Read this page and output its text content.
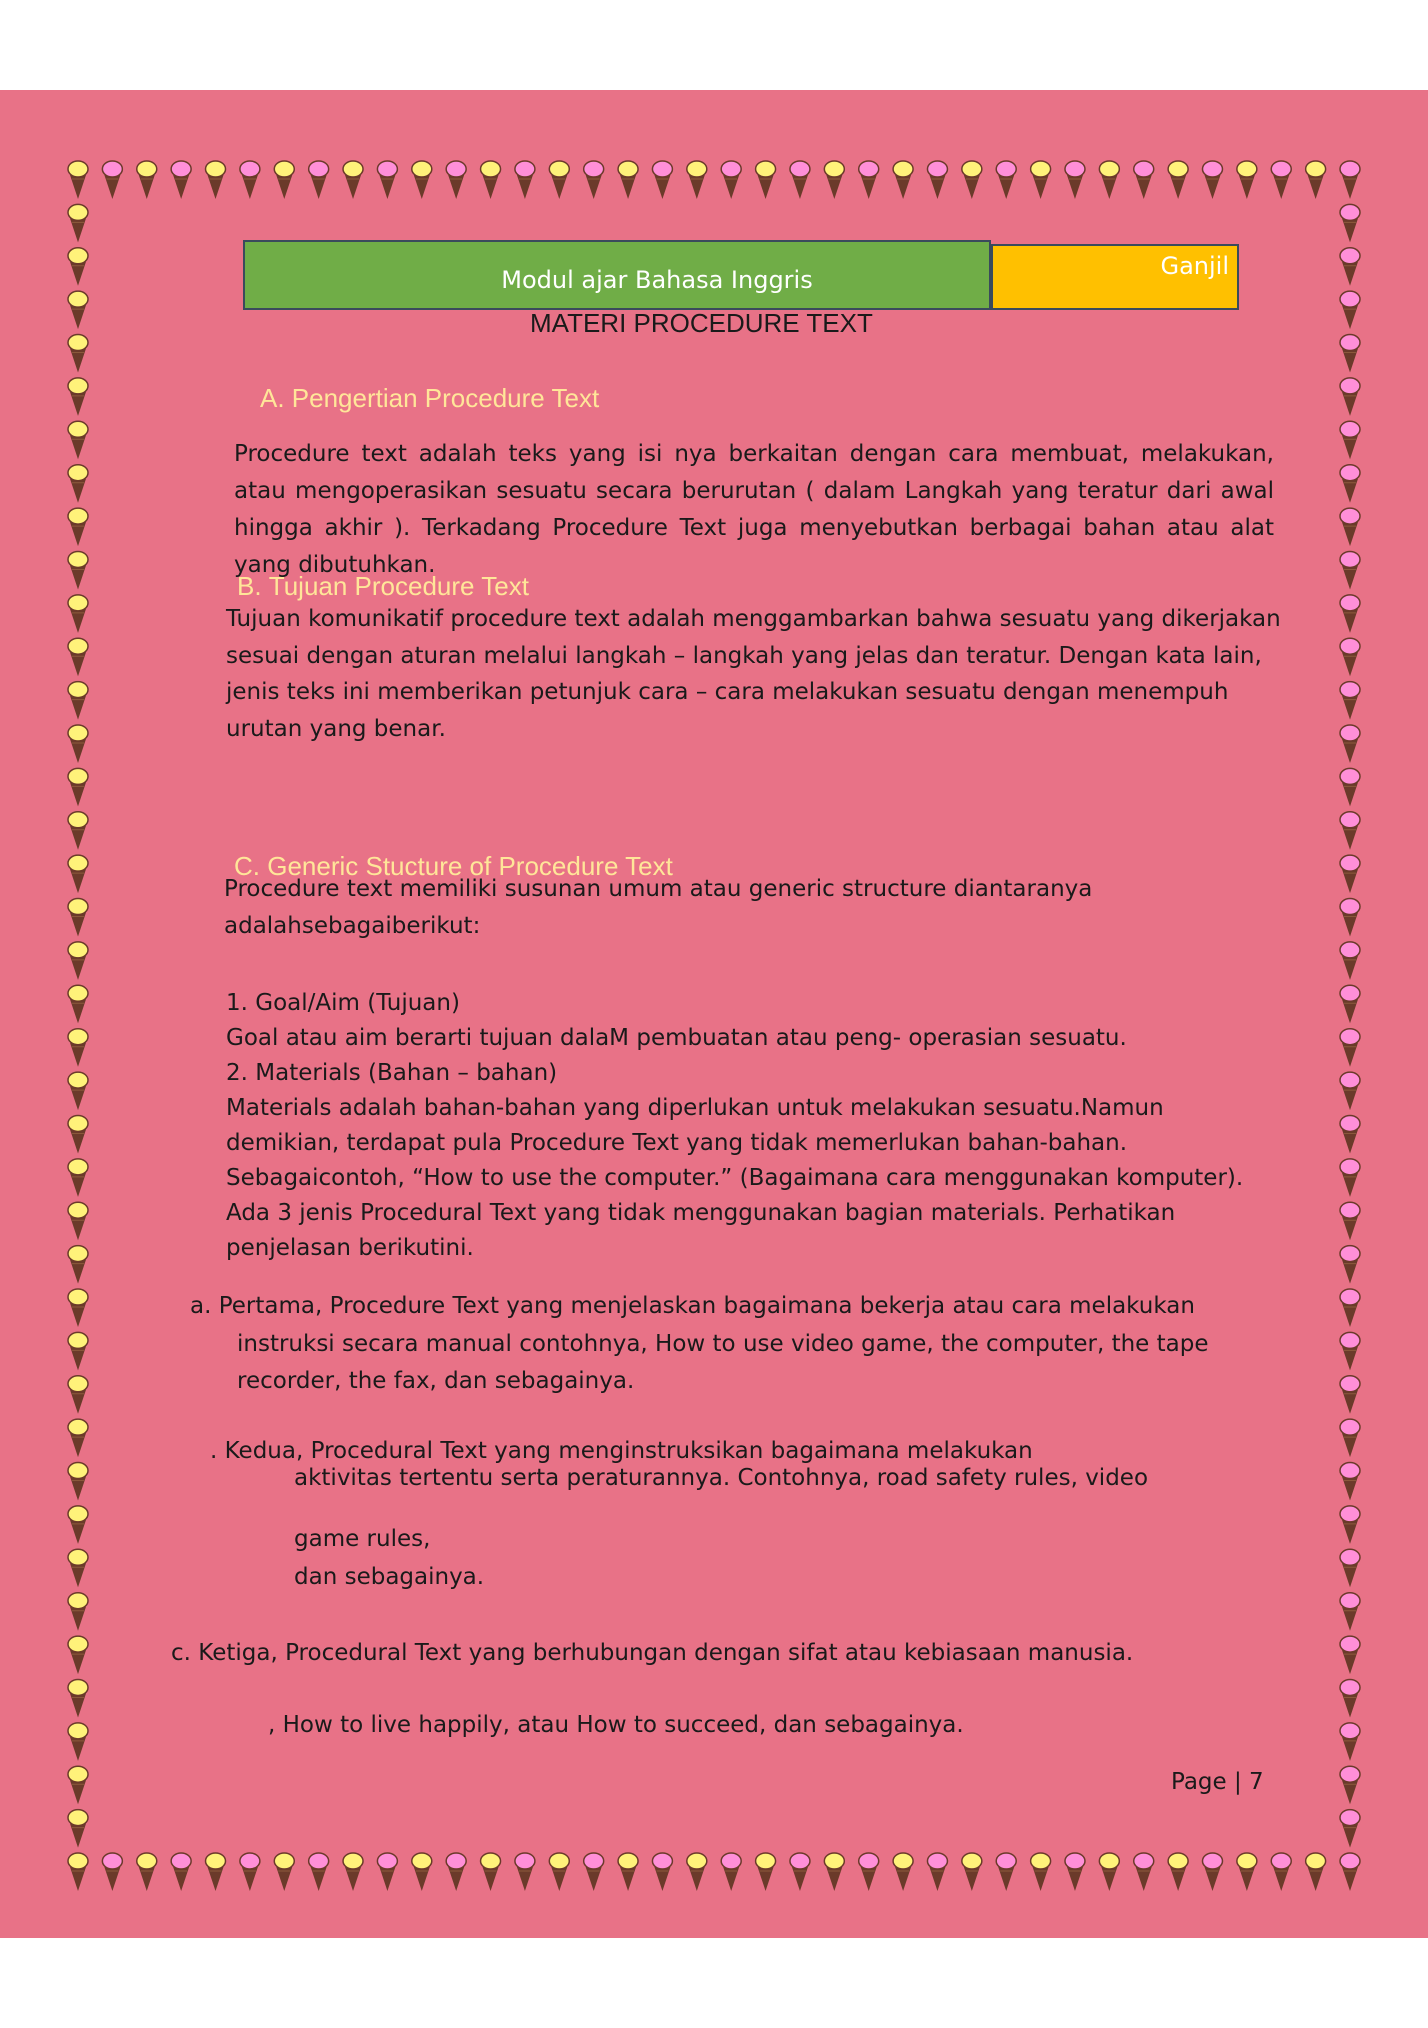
Modul ajar Bahasa Inggris	Ganjil
MATERI PROCEDURE TEXT
A. Pengertian Procedure Text

Procedure text adalah teks yang isi nya berkaitan dengan cara membuat, melakukan, atau mengoperasikan sesuatu secara berurutan ( dalam Langkah yang teratur dari awal hingga akhir ). Terkadang Procedure Text juga menyebutkan berbagai bahan atau alat yang dibutuhkan.

B. Tujuan Procedure Text
Tujuan komunikatif procedure text adalah menggambarkan bahwa sesuatu yang dikerjakan
sesuai dengan aturan melalui langkah – langkah yang jelas dan teratur. Dengan kata lain,
jenis teks ini memberikan petunjuk cara – cara melakukan sesuatu dengan menempuh
urutan yang benar.
C. Generic Stucture of Procedure Text
Procedure text memiliki susunan umum atau generic structure diantaranya
adalahsebagaiberikut:
1. Goal/Aim (Tujuan)
Goal atau aim berarti tujuan dalaM pembuatan atau peng- operasian sesuatu.
2. Materials (Bahan – bahan)
Materials adalah bahan-bahan yang diperlukan untuk melakukan sesuatu.Namun
demikian, terdapat pula Procedure Text yang tidak memerlukan bahan-bahan.
Sebagaicontoh, “How to use the computer.” (Bagaimana cara menggunakan komputer).
Ada 3 jenis Procedural Text yang tidak menggunakan bagian materials. Perhatikan
penjelasan berikutini.
a. Pertama, Procedure Text yang menjelaskan bagaimana bekerja atau cara melakukan
instruksi secara manual contohnya, How to use video game, the computer, the tape
recorder, the fax, dan sebagainya.
. Kedua, Procedural Text yang menginstruksikan bagaimana melakukan
aktivitas tertentu serta peraturannya. Contohnya, road safety rules, video
game rules,
dan sebagainya.
c. Ketiga, Procedural Text yang berhubungan dengan sifat atau kebiasaan manusia.
, How to live happily, atau How to succeed, dan sebagainya.
Page | 7
